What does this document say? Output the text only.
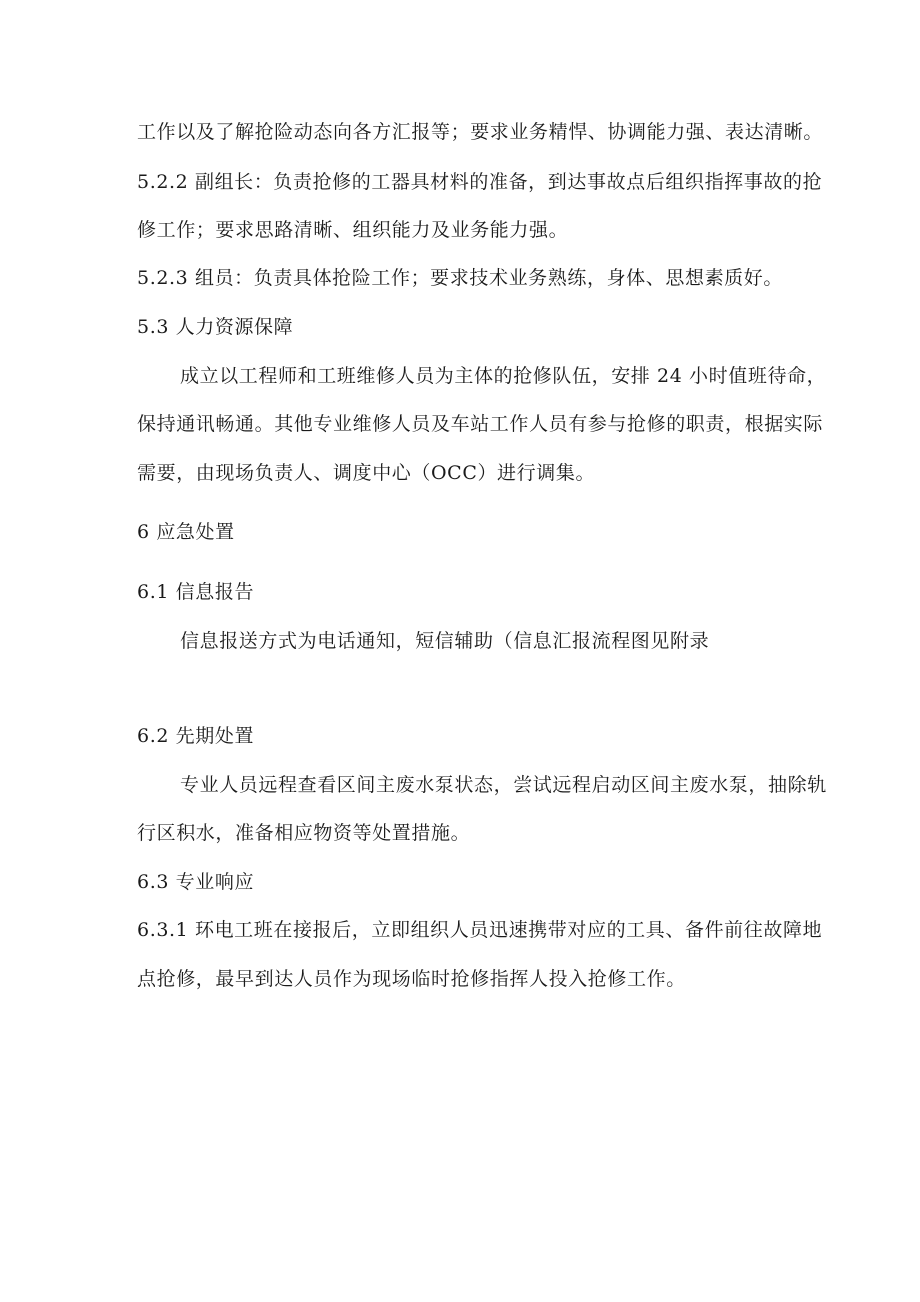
工作以及了解抢险动态向各方汇报等；要求业务精悍、协调能力强、表达清晰。
5.2.2 副组长：负责抢修的工器具材料的准备，到达事故点后组织指挥事故的抢
修工作；要求思路清晰、组织能力及业务能力强。
5.2.3 组员：负责具体抢险工作；要求技术业务熟练，身体、思想素质好。
5.3 人力资源保障
成立以工程师和工班维修人员为主体的抢修队伍，安排 24 小时值班待命，
保持通讯畅通。其他专业维修人员及车站工作人员有参与抢修的职责，根据实际
需要，由现场负责人、调度中心（OCC）进行调集。
6 应急处置
6.1 信息报告
信息报送方式为电话通知，短信辅助（信息汇报流程图见附录
6.2 先期处置
专业人员远程查看区间主废水泵状态，尝试远程启动区间主废水泵，抽除轨
行区积水，准备相应物资等处置措施。
6.3 专业响应
6.3.1 环电工班在接报后，立即组织人员迅速携带对应的工具、备件前往故障地
点抢修，最早到达人员作为现场临时抢修指挥人投入抢修工作。
